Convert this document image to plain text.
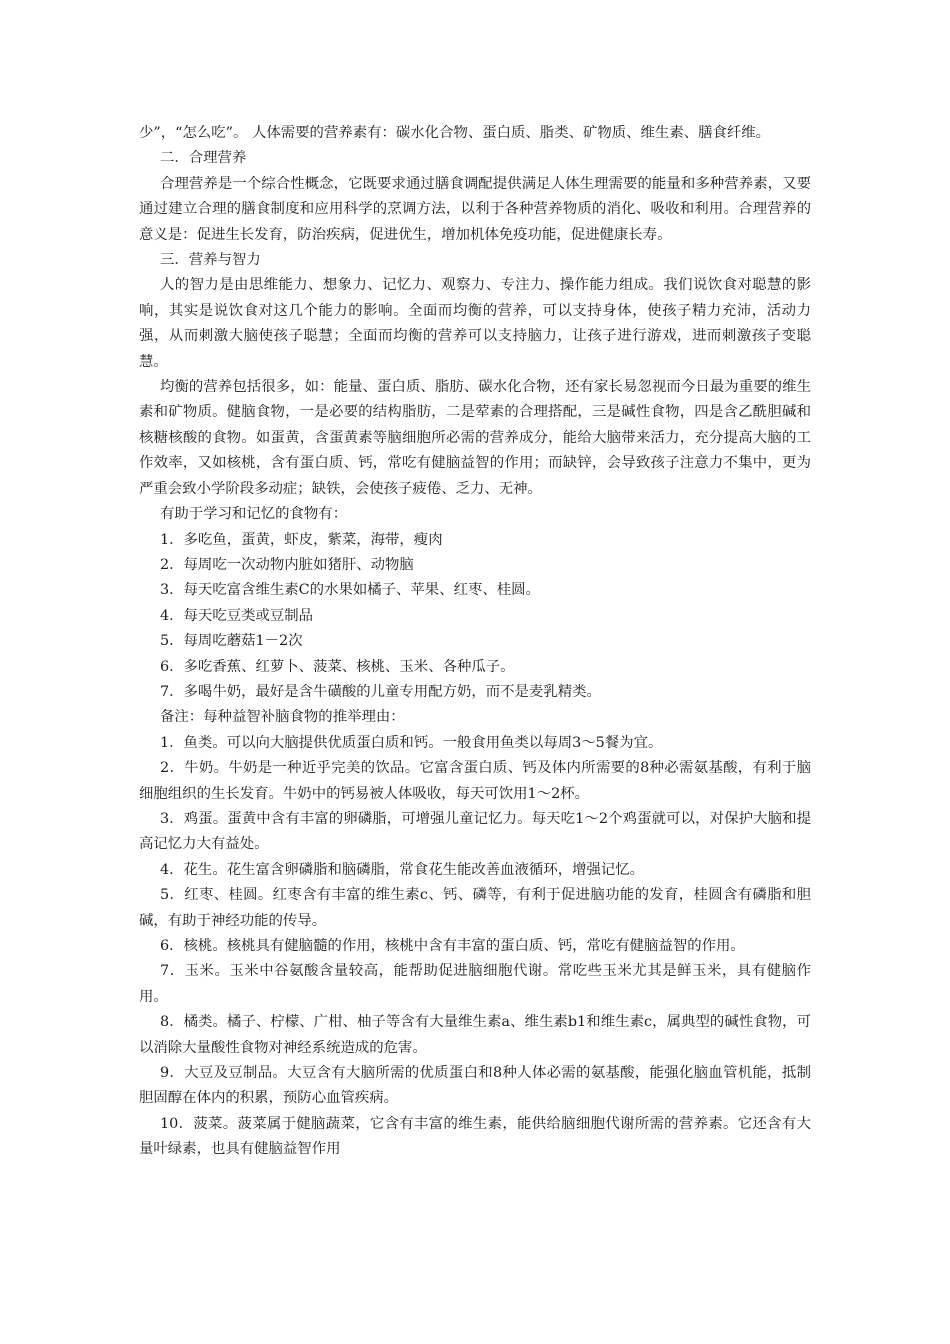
少”，“怎么吃”。 人体需要的营养素有：碳水化合物、蛋白质、脂类、矿物质、维生素、膳食纤维。

二．合理营养

合理营养是一个综合性概念，它既要求通过膳食调配提供满足人体生理需要的能量和多种营养素，又要通过建立合理的膳食制度和应用科学的烹调方法，以利于各种营养物质的消化、吸收和利用。合理营养的意义是：促进生长发育，防治疾病，促进优生，增加机体免疫功能，促进健康长寿。

三．营养与智力

人的智力是由思维能力、想象力、记忆力、观察力、专注力、操作能力组成。我们说饮食对聪慧的影响，其实是说饮食对这几个能力的影响。全面而均衡的营养，可以支持身体，使孩子精力充沛，活动力强，从而刺激大脑使孩子聪慧；全面而均衡的营养可以支持脑力，让孩子进行游戏，进而刺激孩子变聪慧。

均衡的营养包括很多，如：能量、蛋白质、脂肪、碳水化合物，还有家长易忽视而今日最为重要的维生素和矿物质。健脑食物，一是必要的结构脂肪，二是荤素的合理搭配，三是碱性食物，四是含乙酰胆碱和核糖核酸的食物。如蛋黄，含蛋黄素等脑细胞所必需的营养成分，能给大脑带来活力，充分提高大脑的工作效率，又如核桃，含有蛋白质、钙，常吃有健脑益智的作用；而缺锌，会导致孩子注意力不集中，更为严重会致小学阶段多动症；缺铁，会使孩子疲倦、乏力、无神。

有助于学习和记忆的食物有：

1．多吃鱼，蛋黄，虾皮，紫菜，海带，瘦肉

2．每周吃一次动物内脏如猪肝、动物脑

3．每天吃富含维生素C的水果如橘子、苹果、红枣、桂圆。

4．每天吃豆类或豆制品

5．每周吃蘑菇1－2次

6．多吃香蕉、红萝卜、菠菜、核桃、玉米、各种瓜子。

7．多喝牛奶，最好是含牛磺酸的儿童专用配方奶，而不是麦乳精类。

备注：每种益智补脑食物的推举理由：

1．鱼类。可以向大脑提供优质蛋白质和钙。一般食用鱼类以每周3～5餐为宜。

2．牛奶。牛奶是一种近乎完美的饮品。它富含蛋白质、钙及体内所需要的8种必需氨基酸，有利于脑细胞组织的生长发育。牛奶中的钙易被人体吸收，每天可饮用1～2杯。

3．鸡蛋。蛋黄中含有丰富的卵磷脂，可增强儿童记忆力。每天吃1～2个鸡蛋就可以，对保护大脑和提高记忆力大有益处。

4．花生。花生富含卵磷脂和脑磷脂，常食花生能改善血液循环，增强记忆。

5．红枣、桂圆。红枣含有丰富的维生素c、钙、磷等，有利于促进脑功能的发育，桂圆含有磷脂和胆碱，有助于神经功能的传导。

6．核桃。核桃具有健脑髓的作用，核桃中含有丰富的蛋白质、钙，常吃有健脑益智的作用。

7．玉米。玉米中谷氨酸含量较高，能帮助促进脑细胞代谢。常吃些玉米尤其是鲜玉米，具有健脑作用。

8．橘类。橘子、柠檬、广柑、柚子等含有大量维生素a、维生素b1和维生素c，属典型的碱性食物，可以消除大量酸性食物对神经系统造成的危害。

9．大豆及豆制品。大豆含有大脑所需的优质蛋白和8种人体必需的氨基酸，能强化脑血管机能，抵制胆固醇在体内的积累，预防心血管疾病。

10．菠菜。菠菜属于健脑蔬菜，它含有丰富的维生素，能供给脑细胞代谢所需的营养素。它还含有大量叶绿素，也具有健脑益智作用
